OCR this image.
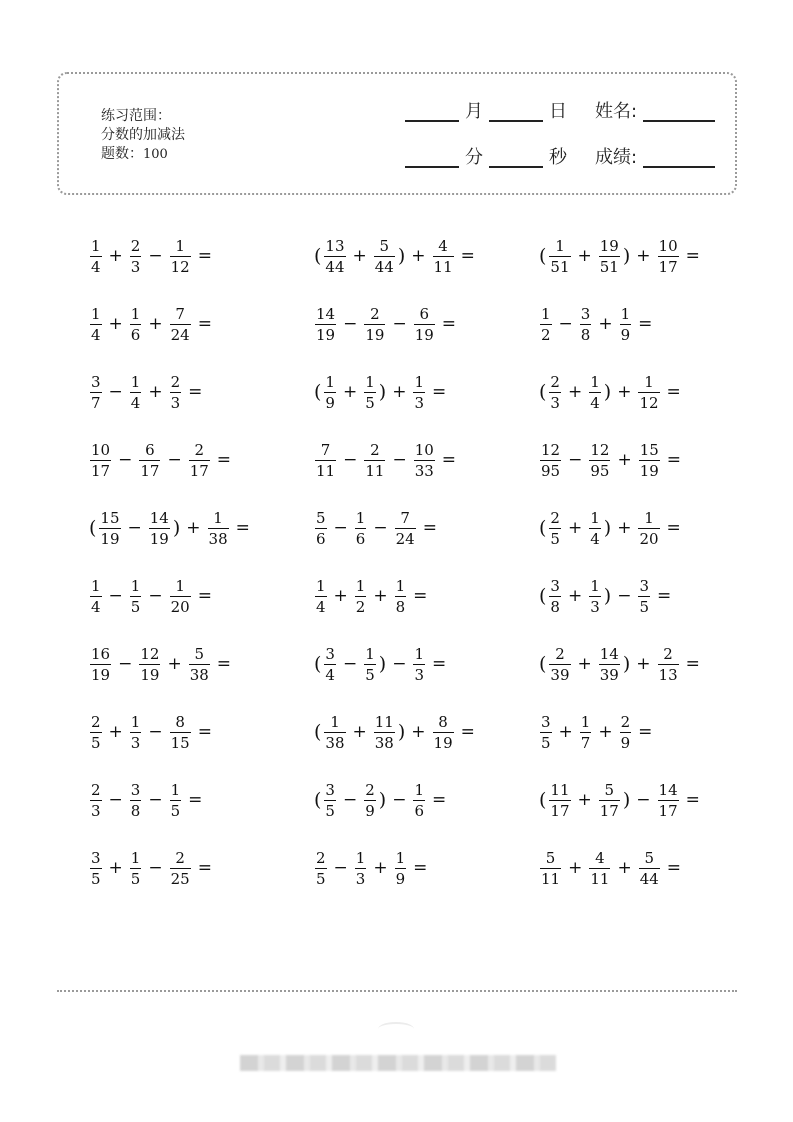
练习范围：
分数的加减法
题数：100
月	日 姓名:
分	秒 成绩:
$\frac{1}{4} + \frac{2}{3} - \frac{1}{12}$ =
$\frac{1}{4} + \frac{1}{6} + \frac{7}{24}$ =
$\frac{3}{7} - \frac{1}{4} + \frac{2}{3}$ =
$\frac{10}{17} - \frac{6}{17} - \frac{2}{17}$ =
( $\frac{15}{19} - \frac{14}{19}$ ) + $\frac{1}{38}$ =
$\frac{1}{4} - \frac{1}{5} - \frac{1}{20}$ =
$\frac{16}{19} - \frac{12}{19} + \frac{5}{38}$ =
$\frac{2}{5} + \frac{1}{3} - \frac{8}{15}$ =
$\frac{2}{3} - \frac{3}{8} - \frac{1}{5}$ =
$\frac{3}{5} + \frac{1}{5} - \frac{2}{25}$ =
( $\frac{13}{44} + \frac{5}{44}$ ) + $\frac{4}{11}$ =
$\frac{14}{19} - \frac{2}{19} - \frac{6}{19}$ =
( $\frac{1}{9} + \frac{1}{5}$ ) + $\frac{1}{3}$ =
$\frac{7}{11} - \frac{2}{11} - \frac{10}{33}$ =
$\frac{5}{6} - \frac{1}{6} - \frac{7}{24}$ =
$\frac{1}{4} + \frac{1}{2} + \frac{1}{8}$ =
( $\frac{3}{4} - \frac{1}{5}$ ) − $\frac{1}{3}$ =
( $\frac{1}{38} + \frac{11}{38}$ ) + $\frac{8}{19}$ =
( $\frac{3}{5} - \frac{2}{9}$ ) − $\frac{1}{6}$ =
$\frac{2}{5} - \frac{1}{3} + \frac{1}{9}$ =
( $\frac{1}{51} + \frac{19}{51}$ ) + $\frac{10}{17}$ =
$\frac{1}{2} - \frac{3}{8} + \frac{1}{9}$ =
( $\frac{2}{3} + \frac{1}{4}$ ) + $\frac{1}{12}$ =
$\frac{12}{95} - \frac{12}{95} + \frac{15}{19}$ =
( $\frac{2}{5} + \frac{1}{4}$ ) + $\frac{1}{20}$ =
( $\frac{3}{8} + \frac{1}{3}$ ) − $\frac{3}{5}$ =
( $\frac{2}{39} + \frac{14}{39}$ ) + $\frac{2}{13}$ =
$\frac{3}{5} + \frac{1}{7} + \frac{2}{9}$ =
( $\frac{11}{17} + \frac{5}{17}$ ) − $\frac{14}{17}$ =
$\frac{5}{11} + \frac{4}{11} + \frac{5}{44}$ =
